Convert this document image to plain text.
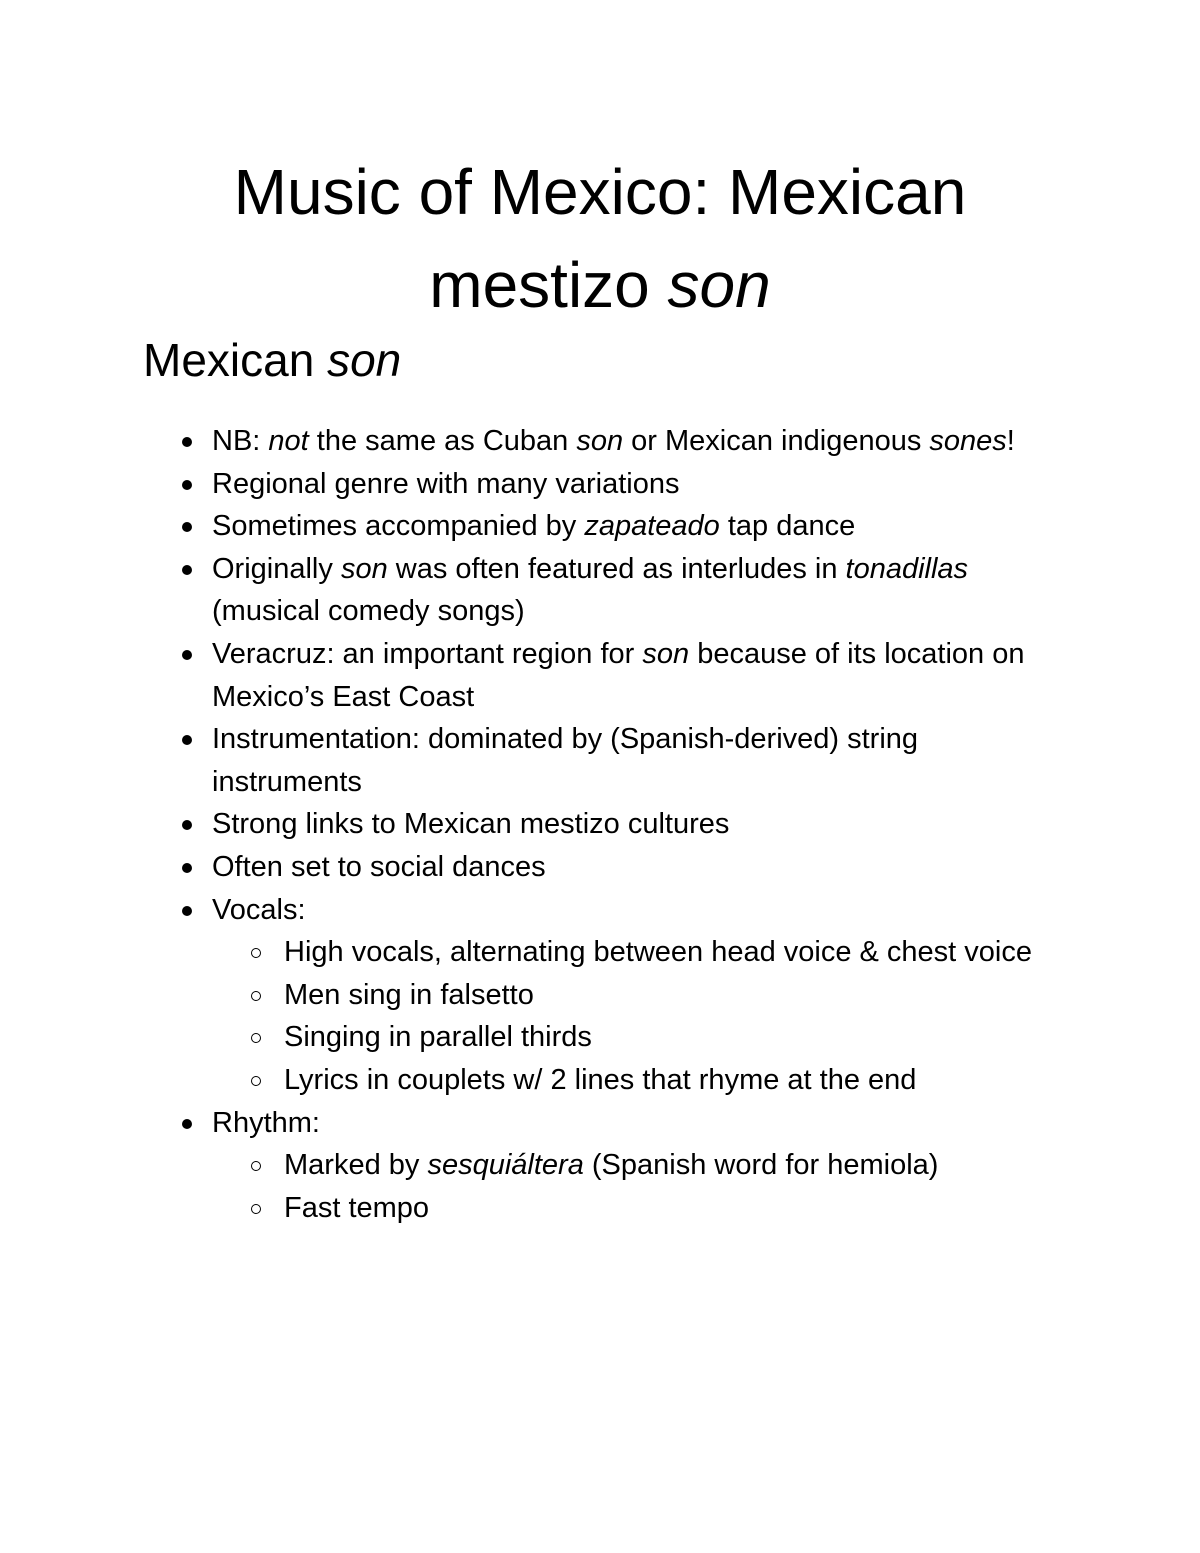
Music of Mexico: Mexican
mestizo son
Mexican son
NB: not the same as Cuban son or Mexican indigenous sones!
Regional genre with many variations
Sometimes accompanied by zapateado tap dance
Originally son was often featured as interludes in tonadillas (musical comedy songs)
Veracruz: an important region for son because of its location on Mexico’s East Coast
Instrumentation: dominated by (Spanish-derived) string instruments
Strong links to Mexican mestizo cultures
Often set to social dances
Vocals:
High vocals, alternating between head voice & chest voice
Men sing in falsetto
Singing in parallel thirds
Lyrics in couplets w/ 2 lines that rhyme at the end
Rhythm:
Marked by sesquiáltera (Spanish word for hemiola)
Fast tempo
